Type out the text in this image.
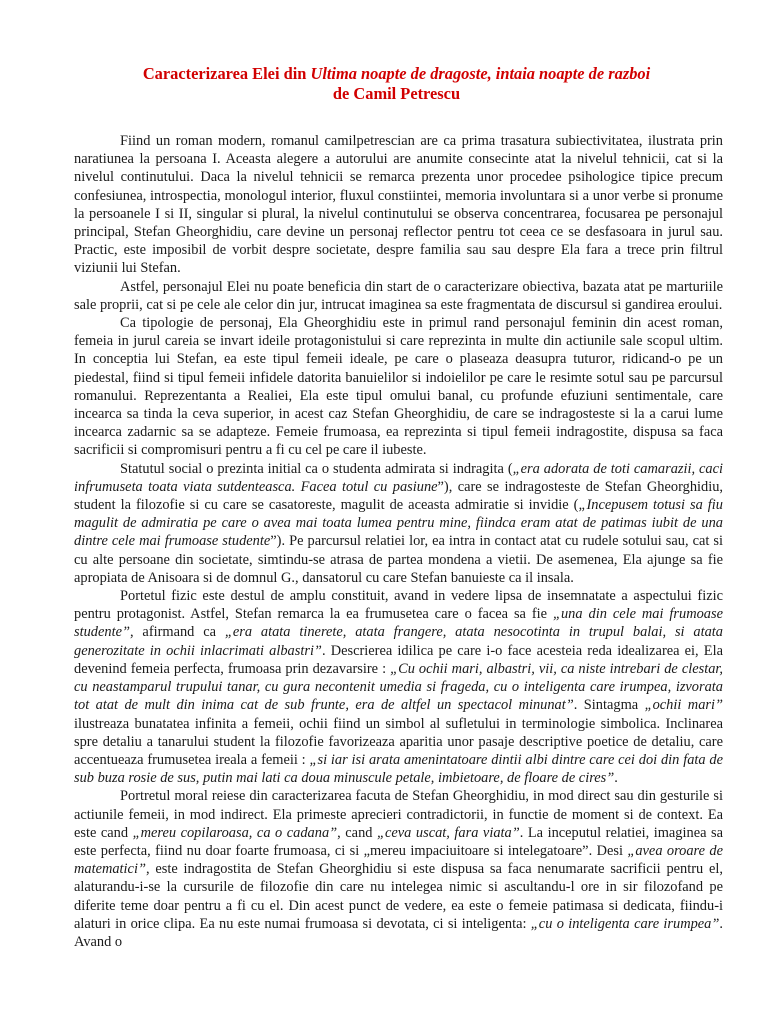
Caracterizarea Elei din Ultima noapte de dragoste, intaia noapte de razboi
de Camil Petrescu

Fiind un roman modern, romanul camilpetrescian are ca prima trasatura subiectivitatea, ilustrata prin naratiunea la persoana I. Aceasta alegere a autorului are anumite consecinte atat la nivelul tehnicii, cat si la nivelul continutului. Daca la nivelul tehnicii se remarca prezenta unor procedee psihologice tipice precum confesiunea, introspectia, monologul interior, fluxul constiintei, memoria involuntara si a unor verbe si pronume la persoanele I si II, singular si plural, la nivelul continutului se observa concentrarea, focusarea pe personajul principal, Stefan Gheorghidiu, care devine un personaj reflector pentru tot ceea ce se desfasoara in jurul sau. Practic, este imposibil de vorbit despre societate, despre familia sau sau despre Ela fara a trece prin filtrul viziunii lui Stefan.

Astfel, personajul Elei nu poate beneficia din start de o caracterizare obiectiva, bazata atat pe marturiile sale proprii, cat si pe cele ale celor din jur, intrucat imaginea sa este fragmentata de discursul si gandirea eroului.

Ca tipologie de personaj, Ela Gheorghidiu este in primul rand personajul feminin din acest roman, femeia in jurul careia se invart ideile protagonistului si care reprezinta in multe din actiunile sale scopul ultim. In conceptia lui Stefan, ea este tipul femeii ideale, pe care o plaseaza deasupra tuturor, ridicand-o pe un piedestal, fiind si tipul femeii infidele datorita banuielilor si indoielilor pe care le resimte sotul sau pe parcursul romanului. Reprezentanta a Realiei, Ela este tipul omului banal, cu profunde efuziuni sentimentale, care incearca sa tinda la ceva superior, in acest caz Stefan Gheorghidiu, de care se indragosteste si la a carui lume incearca zadarnic sa se adapteze. Femeie frumoasa, ea reprezinta si tipul femeii indragostite, dispusa sa faca sacrificii si compromisuri pentru a fi cu cel pe care il iubeste.

Statutul social o prezinta initial ca o studenta admirata si indragita („era adorata de toti camarazii, caci infrumuseta toata viata sutdenteasca. Facea totul cu pasiune”), care se indragosteste de Stefan Gheorghidiu, student la filozofie si cu care se casatoreste, magulit de aceasta admiratie si invidie („Incepusem totusi sa fiu magulit de admiratia pe care o avea mai toata lumea pentru mine, fiindca eram atat de patimas iubit de una dintre cele mai frumoase studente”). Pe parcursul relatiei lor, ea intra in contact atat cu rudele sotului sau, cat si cu alte persoane din societate, simtindu-se atrasa de partea mondena a vietii. De asemenea, Ela ajunge sa fie apropiata de Anisoara si de domnul G., dansatorul cu care Stefan banuieste ca il insala.

Portetul fizic este destul de amplu constituit, avand in vedere lipsa de insemnatate a aspectului fizic pentru protagonist. Astfel, Stefan remarca la ea frumusetea care o facea sa fie „una din cele mai frumoase studente”, afirmand ca „era atata tinerete, atata frangere, atata nesocotinta in trupul balai, si atata generozitate in ochii inlacrimati albastri”. Descrierea idilica pe care i-o face acesteia reda idealizarea ei, Ela devenind femeia perfecta, frumoasa prin dezavarsire : „Cu ochii mari, albastri, vii, ca niste intrebari de clestar, cu neastamparul trupului tanar, cu gura necontenit umedia si frageda, cu o inteligenta care irumpea, izvorata tot atat de mult din inima cat de sub frunte, era de altfel un spectacol minunat”. Sintagma „ochii mari” ilustreaza bunatatea infinita a femeii, ochii fiind un simbol al sufletului in terminologie simbolica. Inclinarea spre detaliu a tanarului student la filozofie favorizeaza aparitia unor pasaje descriptive poetice de detaliu, care accentueaza frumusetea ireala a femeii : „si iar isi arata amenintatoare dintii albi dintre care cei doi din fata de sub buza rosie de sus, putin mai lati ca doua minuscule petale, imbietoare, de floare de cires”.

Portretul moral reiese din caracterizarea facuta de Stefan Gheorghidiu, in mod direct sau din gesturile si actiunile femeii, in mod indirect. Ela primeste aprecieri contradictorii, in functie de moment si de context. Ea este cand „mereu copilaroasa, ca o cadana”, cand „ceva uscat, fara viata”. La inceputul relatiei, imaginea sa este perfecta, fiind nu doar foarte frumoasa, ci si „mereu impaciuitoare si intelegatoare”. Desi „avea oroare de matematici”, este indragostita de Stefan Gheorghidiu si este dispusa sa faca nenumarate sacrificii pentru el, alaturandu-i-se la cursurile de filozofie din care nu intelegea nimic si ascultandu-l ore in sir filozofand pe diferite teme doar pentru a fi cu el. Din acest punct de vedere, ea este o femeie patimasa si dedicata, fiindu-i alaturi in orice clipa. Ea nu este numai frumoasa si devotata, ci si inteligenta: „cu o inteligenta care irumpea”. Avand o
